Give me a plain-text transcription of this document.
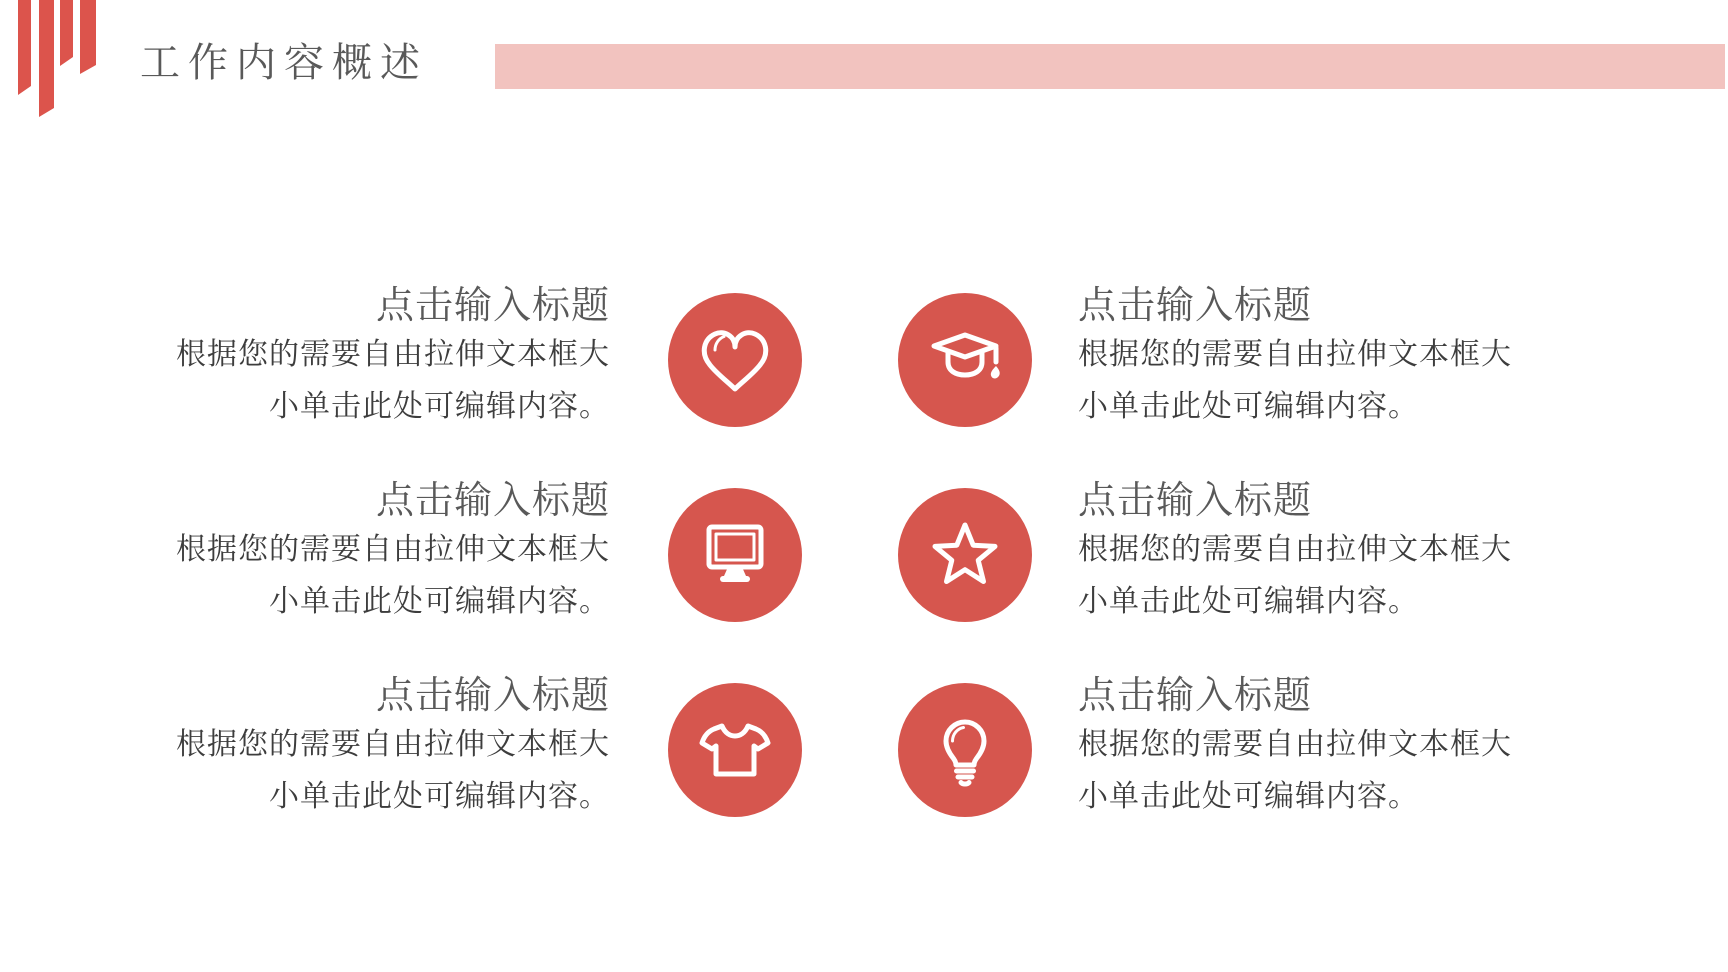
工作内容概述
点击输入标题
根据您的需要自由拉伸文本框大
小单击此处可编辑内容。
点击输入标题
根据您的需要自由拉伸文本框大
小单击此处可编辑内容。
点击输入标题
根据您的需要自由拉伸文本框大
小单击此处可编辑内容。
点击输入标题
根据您的需要自由拉伸文本框大
小单击此处可编辑内容。
点击输入标题
根据您的需要自由拉伸文本框大
小单击此处可编辑内容。
点击输入标题
根据您的需要自由拉伸文本框大
小单击此处可编辑内容。
